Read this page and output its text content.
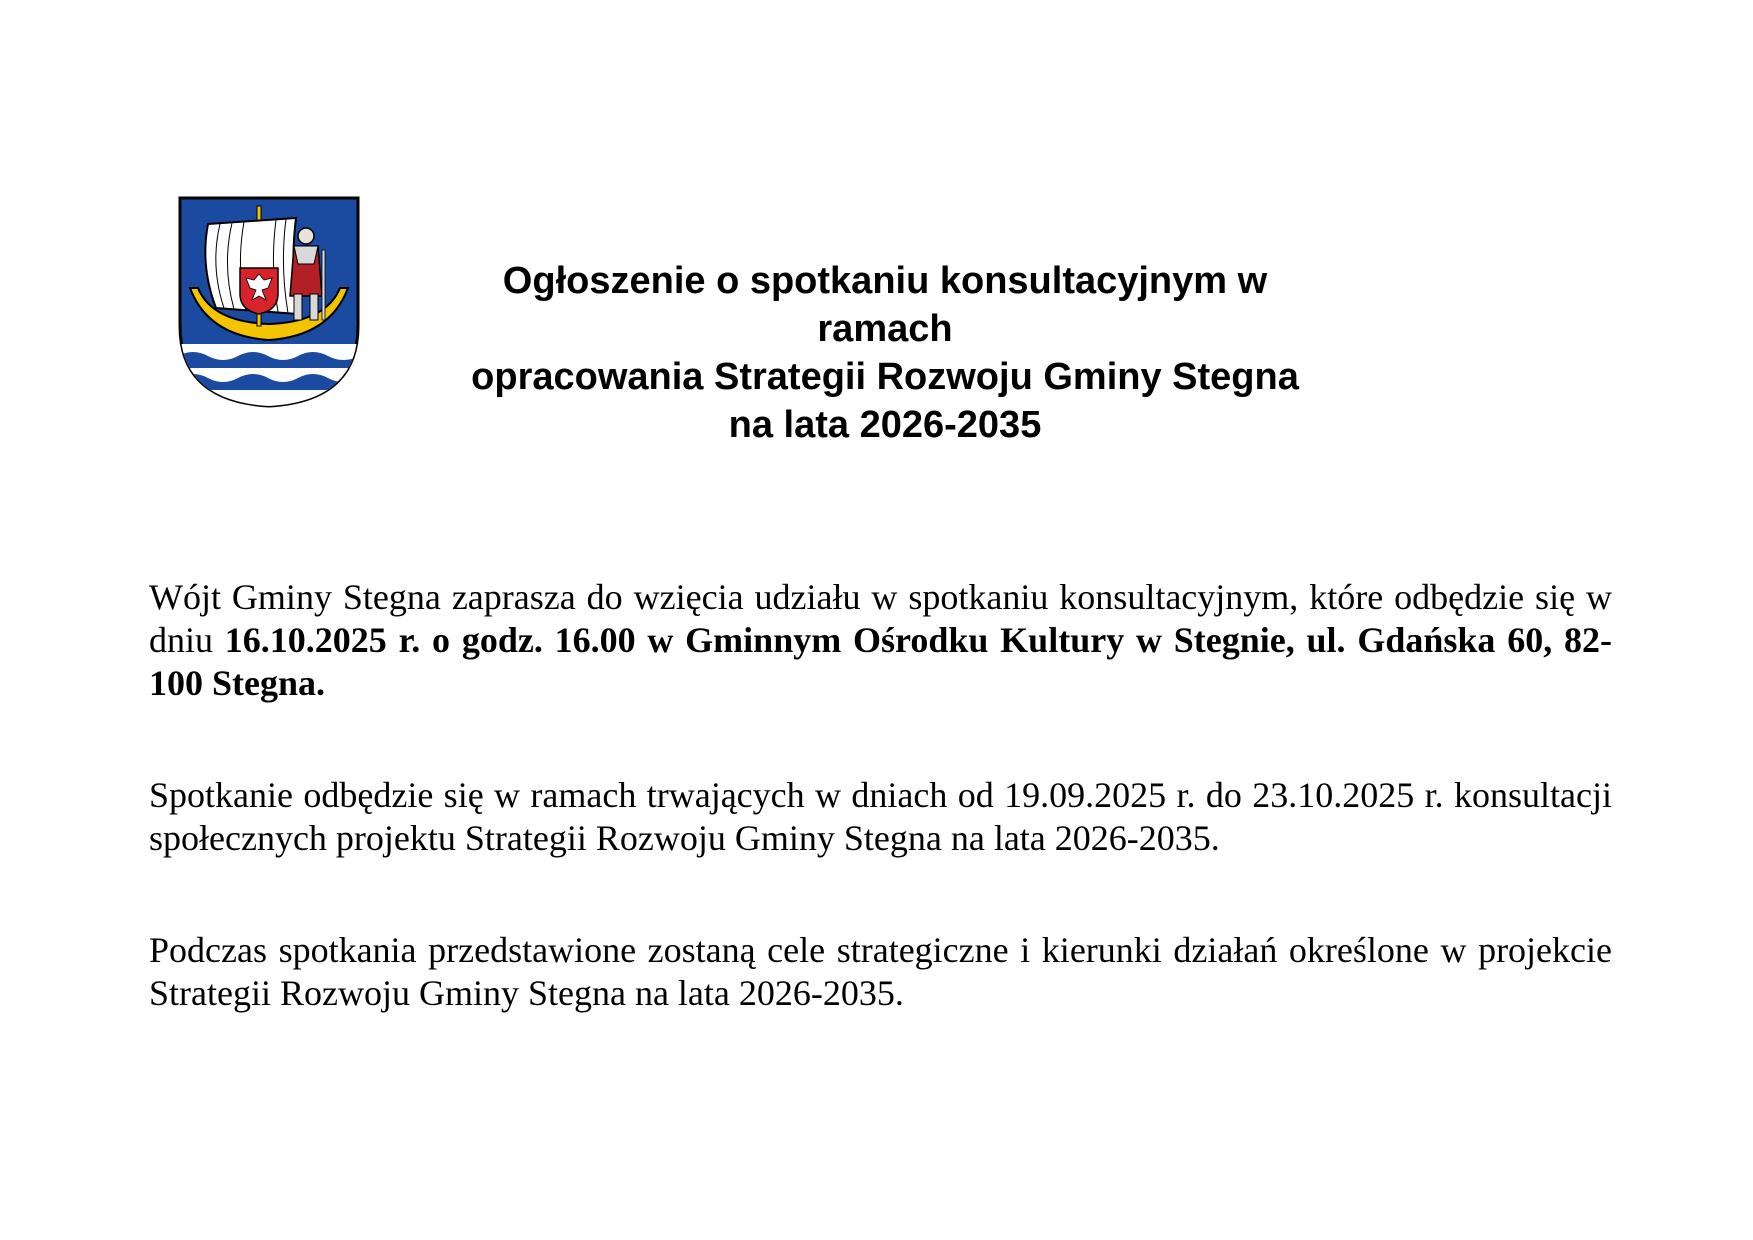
Ogłoszenie o spotkaniu konsultacyjnym w ramach
opracowania Strategii Rozwoju Gminy Stegna
na lata 2026-2035
Wójt Gminy Stegna zaprasza do wzięcia udziału w spotkaniu konsultacyjnym, które odbędzie się w dniu 16.10.2025 r. o godz. 16.00 w Gminnym Ośrodku Kultury w Stegnie, ul. Gdańska 60, 82-100 Stegna.
Spotkanie odbędzie się w ramach trwających w dniach od 19.09.2025 r. do 23.10.2025 r. konsultacji społecznych projektu Strategii Rozwoju Gminy Stegna na lata 2026-2035.
Podczas spotkania przedstawione zostaną cele strategiczne i kierunki działań określone w projekcie Strategii Rozwoju Gminy Stegna na lata 2026-2035.
